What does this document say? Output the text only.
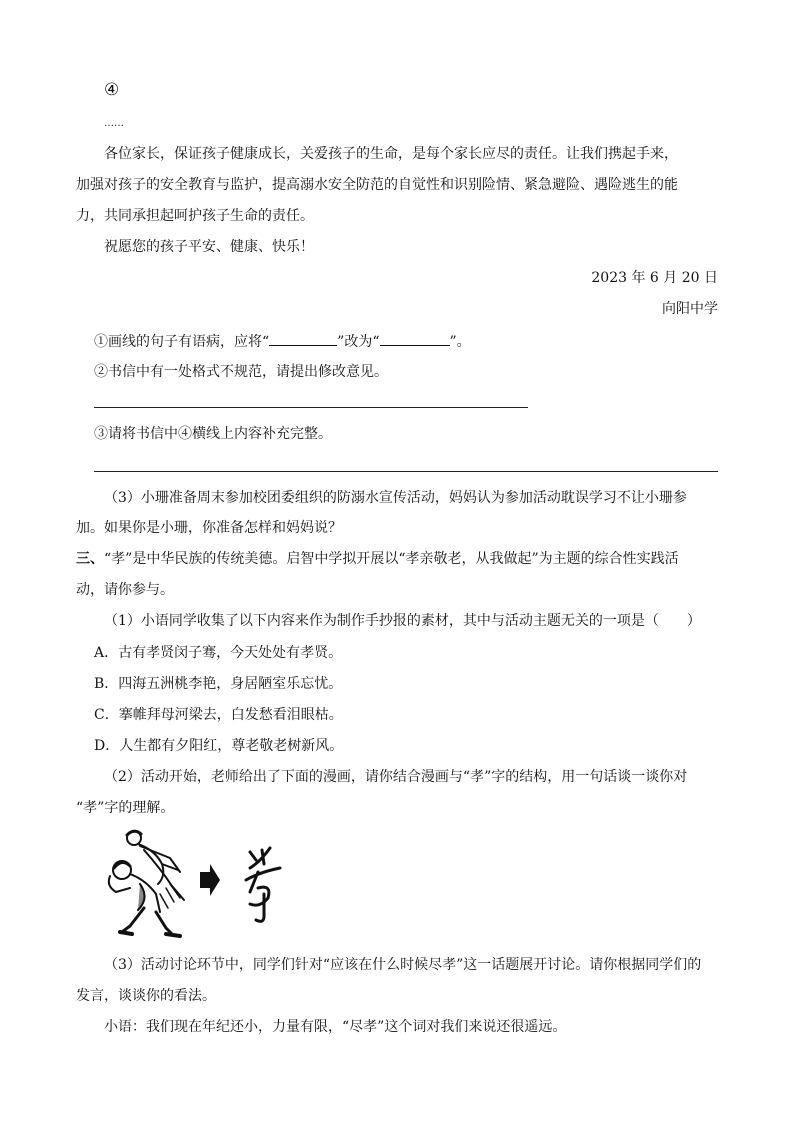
④
……
各位家长，保证孩子健康成长，关爱孩子的生命，是每个家长应尽的责任。让我们携起手来，
加强对孩子的安全教育与监护，提高溺水安全防范的自觉性和识别险情、紧急避险、遇险逃生的能
力，共同承担起呵护孩子生命的责任。
祝愿您的孩子平安、健康、快乐！
2023 年 6 月 20 日
向阳中学
①画线的句子有语病，应将“	”改为“	”。
②书信中有一处格式不规范，请提出修改意见。
③请将书信中④横线上内容补充完整。
（3）小珊准备周末参加校团委组织的防溺水宣传活动，妈妈认为参加活动耽误学习不让小珊参
加。如果你是小珊，你准备怎样和妈妈说？
三、“孝”是中华民族的传统美德。启智中学拟开展以“孝亲敬老，从我做起”为主题的综合性实践活
动，请你参与。
（1）小语同学收集了以下内容来作为制作手抄报的素材，其中与活动主题无关的一项是（　　）
A．古有孝贤闵子骞，今天处处有孝贤。
B．四海五洲桃李艳，身居陋室乐忘忧。
C．搴帷拜母河梁去，白发愁看泪眼枯。
D．人生都有夕阳红，尊老敬老树新风。
（2）活动开始，老师给出了下面的漫画，请你结合漫画与“孝”字的结构，用一句话谈一谈你对
“孝”字的理解。
（3）活动讨论环节中，同学们针对“应该在什么时候尽孝”这一话题展开讨论。请你根据同学们的
发言，谈谈你的看法。
小语：我们现在年纪还小，力量有限，“尽孝”这个词对我们来说还很遥远。
